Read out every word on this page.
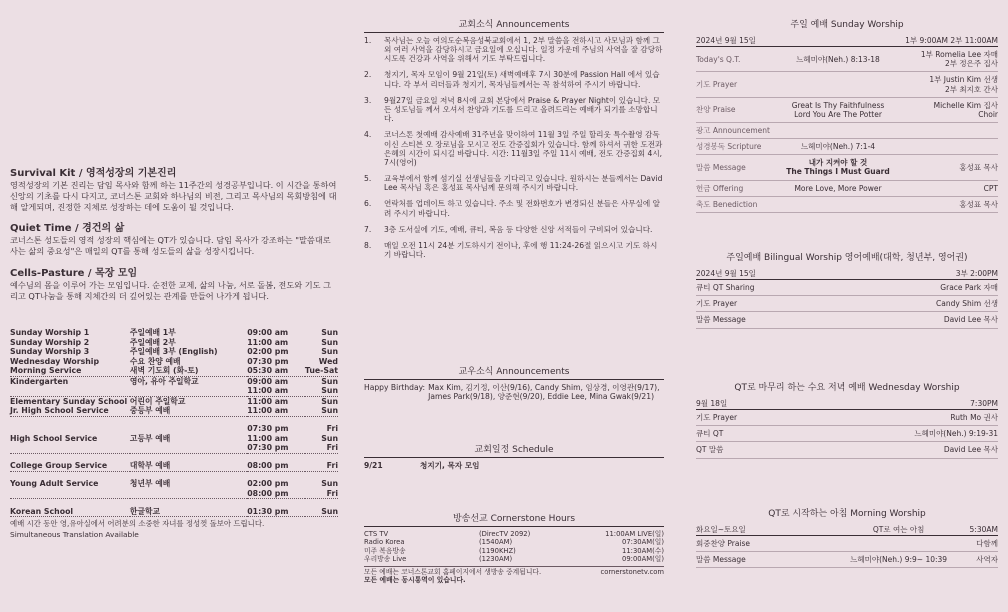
Survival Kit / 영적성장의 기본진리
영적성장의 기본 진리는 담임 목사와 함께 하는 11주간의 성경공부입니다. 이 시간을 통하여 신앙의 기초를 다시 다지고, 코너스톤 교회와 하나님의 비전, 그리고 목사님의 목회방침에 대해 알게되며, 진정한 지체로 성장하는 데에 도움이 될 것입니다.
Quiet Time / 경건의 삶
코너스톤 성도들의 영적 성장의 핵심에는 QT가 있습니다. 담임 목사가 강조하는 "말씀대로 사는 삶의 중요성"은 매일의 QT를 통해 성도들의 삶을 성장시킵니다.
Cells-Pasture / 목장 모임
예수님의 몸을 이루어 가는 모임입니다. 순전한 교제, 삶의 나눔, 서로 돌봄, 전도와 기도 그리고 QT나눔을 통해 지체간의 더 깊어있는 관계를 만들어 나가게 됩니다.
Sunday Worship 1	주일예배 1부	09:00 am	Sun
Sunday Worship 2	주일예배 2부	11:00 am	Sun
Sunday Worship 3	주일예배 3부 (English)	02:00 pm	Sun
Wednesday Worship	수요 찬양 예배	07:30 pm	Wed
Morning Service	새벽 기도회 (화-토)	05:30 am	Tue-Sat
Kindergarten	영아, 유아 주일학교	09:00 am	Sun
		11:00 am	Sun
Elementary Sunday School	어린이 주일학교	11:00 am	Sun
Jr. High School Service	중등부 예배	11:00 am	Sun

		07:30 pm	Fri
High School Service	고등부 예배	11:00 am	Sun
		07:30 pm	Fri

College Group Service	대학부 예배	08:00 pm	Fri

Young Adult Service	청년부 예배	02:00 pm	Sun
		08:00 pm	Fri

Korean School	한글학교	01:30 pm	Sun
예배 시간 동안 영,유아실에서 어려분의 소중한 자녀를 정성껏 돌보아 드립니다.
Simultaneous Translation Available
교회소식 Announcements
1.	목사님는 오늘 여의도순복음성북교회에서 1, 2부 말씀을 전하시고 사모님과 함께 그외 여러 사역을 감당하시고 금요일에 오십니다. 일정 가운데 주님의 사역을 잘 감당하시도록 건강과 사역을 위해서 기도 부탁드립니다.
2.	청지기, 목자 모임이 9월 21일(토) 새벽예배후 7시 30분에 Passion Hall 에서 있습니다. 각 부서 리더들과 청지기, 목자님들께서는 꼭 참석하여 주시기 바랍니다.
3.	9월27일 금요일 저녁 8시에 교회 본당에서 Praise & Prayer Night이 있습니다. 모든 성도님들 께서 오셔서 찬양과 기도를 드리고 올려드리는 예배가 되기를 소망합니다.
4.	코너스톤 첫예배 감사예배 31주년을 맞이하여 11월 3일 주일 할리웃 특수촬영 감독이신 스티븐 오 장로님을 모시고 전도 간증집회가 있습니다. 함께 하셔서 귀한 도전과 은혜의 시간이 되시길 바랍니다. 시간: 11월3일 주일 11시 예배, 전도 간증집회 4시, 7시(영어)
5.	교육부에서 함께 섬기실 선생님들을 기다리고 있습니다. 원하시는 분들께서는 David Lee 목사님 혹은 홍성표 목사님께 문의해 주시기 바랍니다.
6.	연락처를 업데이트 하고 있습니다. 주소 및 전화번호가 변경되신 분들은 사무실에 알려 주시기 바랍니다.
7.	3층 도서실에 기도, 예배, 큐티, 복음 등 다양한 신앙 서적들이 구비되어 있습니다.
8.	매일 오전 11시 24분 기도하시기 전이나, 후에 행 11:24-26절 읽으시고 기도 하시기 바랍니다.
교우소식 Announcements
Happy Birthday: Max Kim, 김기정, 이산(9/16), Candy Shim, 임상경, 이영관(9/17), James Park(9/18), 양준현(9/20), Eddie Lee, Mina Gwak(9/21)
교회일정 Schedule
9/21	청지기, 목자 모임
방송선교 Cornerstone Hours
CTS TV	(DirecTV 2092)	11:00AM LIVE(일)
Radio Korea	(1540AM)	07:30AM(일)
미주 복음방송	(1190KHZ)	11:30AM(수)
우리방송 Live	(1230AM)	09:00AM(일)
모든 예배는 코너스톤교회 홈페이지에서 생방송 중계됩니다.	cornerstonetv.com
모든 예배는 동시통역이 있습니다.
주일 예배 Sunday Worship
2024년 9월 15일		1부 9:00AM 2부 11:00AM
Today's Q.T.	느헤미야(Neh.) 8:13-18	1부 Romelia Lee 자매
2부 정은주 집사
기도 Prayer		1부 Justin Kim 선생
2부 최지호 간사
찬양 Praise	Great Is Thy Faithfulness
Lord You Are The Potter	Michelle Kim 집사
Choir
광고 Announcement		
성경봉독 Scripture	느헤미야(Neh.) 7:1-4	
말씀 Message	내가 지켜야 할 것
The Things I Must Guard	홍성표 목사
헌금 Offering	More Love, More Power	CPT
축도 Benediction		홍성표 목사
주일예배 Bilingual Worship 영어예배(대학, 청년부, 영어권)
2024년 9월 15일	3부 2:00PM
큐티 QT Sharing	Grace Park 자매
기도 Prayer	Candy Shim 선생
말씀 Message	David Lee 목사
QT로 마무리 하는 수요 저녁 예배 Wednesday Worship
9월 18일	7:30PM
기도 Prayer	Ruth Mo 권사
큐티 QT	느헤미야(Neh.) 9:19-31
QT 말씀	David Lee 목사
QT로 시작하는 아침 Morning Worship
화요일~토요일	QT로 여는 아침	5:30AM
회중찬양 Praise		다함께
말씀 Message	느헤미야(Neh.) 9:9~ 10:39	사역자
